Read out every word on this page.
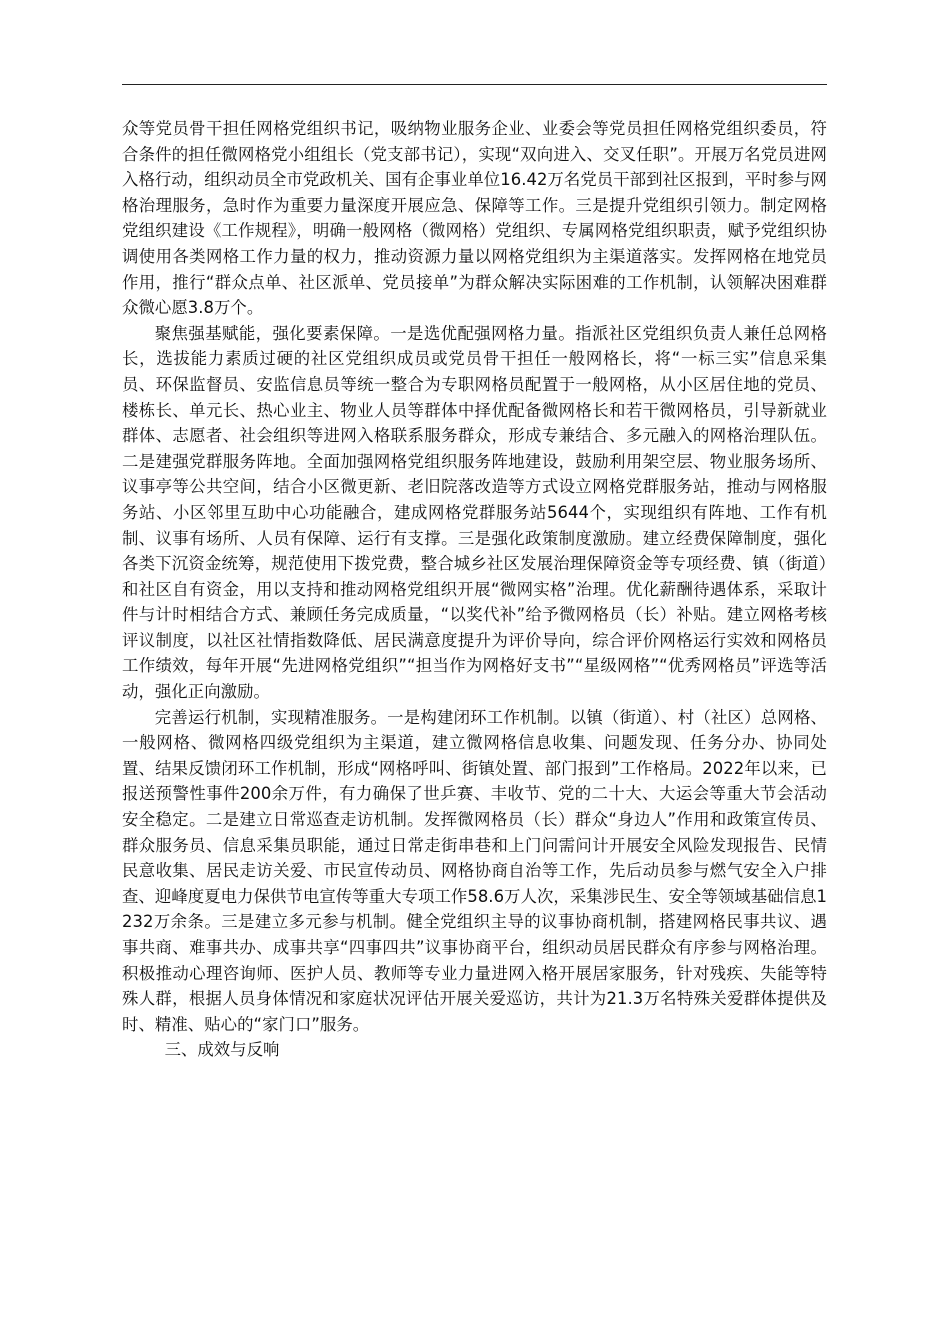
众等党员骨干担任网格党组织书记，吸纳物业服务企业、业委会等党员担任网格党组织委员，符合条件的担任微网格党小组组长（党支部书记），实现“双向进入、交叉任职”。开展万名党员进网入格行动，组织动员全市党政机关、国有企事业单位16.42万名党员干部到社区报到，平时参与网格治理服务，急时作为重要力量深度开展应急、保障等工作。三是提升党组织引领力。制定网格党组织建设《工作规程》，明确一般网格（微网格）党组织、专属网格党组织职责，赋予党组织协调使用各类网格工作力量的权力，推动资源力量以网格党组织为主渠道落实。发挥网格在地党员作用，推行“群众点单、社区派单、党员接单”为群众解决实际困难的工作机制，认领解决困难群众微心愿3.8万个。

聚焦强基赋能，强化要素保障。一是选优配强网格力量。指派社区党组织负责人兼任总网格长，选拔能力素质过硬的社区党组织成员或党员骨干担任一般网格长，将“一标三实”信息采集员、环保监督员、安监信息员等统一整合为专职网格员配置于一般网格，从小区居住地的党员、楼栋长、单元长、热心业主、物业人员等群体中择优配备微网格长和若干微网格员，引导新就业群体、志愿者、社会组织等进网入格联系服务群众，形成专兼结合、多元融入的网格治理队伍。二是建强党群服务阵地。全面加强网格党组织服务阵地建设，鼓励利用架空层、物业服务场所、议事亭等公共空间，结合小区微更新、老旧院落改造等方式设立网格党群服务站，推动与网格服务站、小区邻里互助中心功能融合，建成网格党群服务站5644个，实现组织有阵地、工作有机制、议事有场所、人员有保障、运行有支撑。三是强化政策制度激励。建立经费保障制度，强化各类下沉资金统筹，规范使用下拨党费，整合城乡社区发展治理保障资金等专项经费、镇（街道）和社区自有资金，用以支持和推动网格党组织开展“微网实格”治理。优化薪酬待遇体系，采取计件与计时相结合方式、兼顾任务完成质量，“以奖代补”给予微网格员（长）补贴。建立网格考核评议制度，以社区社情指数降低、居民满意度提升为评价导向，综合评价网格运行实效和网格员工作绩效，每年开展“先进网格党组织”“担当作为网格好支书”“星级网格”“优秀网格员”评选等活动，强化正向激励。

完善运行机制，实现精准服务。一是构建闭环工作机制。以镇（街道）、村（社区）总网格、一般网格、微网格四级党组织为主渠道，建立微网格信息收集、问题发现、任务分办、协同处置、结果反馈闭环工作机制，形成“网格呼叫、街镇处置、部门报到”工作格局。2022年以来，已报送预警性事件200余万件，有力确保了世乒赛、丰收节、党的二十大、大运会等重大节会活动安全稳定。二是建立日常巡查走访机制。发挥微网格员（长）群众“身边人”作用和政策宣传员、群众服务员、信息采集员职能，通过日常走街串巷和上门问需问计开展安全风险发现报告、民情民意收集、居民走访关爱、市民宣传动员、网格协商自治等工作，先后动员参与燃气安全入户排查、迎峰度夏电力保供节电宣传等重大专项工作58.6万人次，采集涉民生、安全等领域基础信息1232万余条。三是建立多元参与机制。健全党组织主导的议事协商机制，搭建网格民事共议、遇事共商、难事共办、成事共享“四事四共”议事协商平台，组织动员居民群众有序参与网格治理。积极推动心理咨询师、医护人员、教师等专业力量进网入格开展居家服务，针对残疾、失能等特殊人群，根据人员身体情况和家庭状况评估开展关爱巡访，共计为21.3万名特殊关爱群体提供及时、精准、贴心的“家门口”服务。

三、成效与反响
